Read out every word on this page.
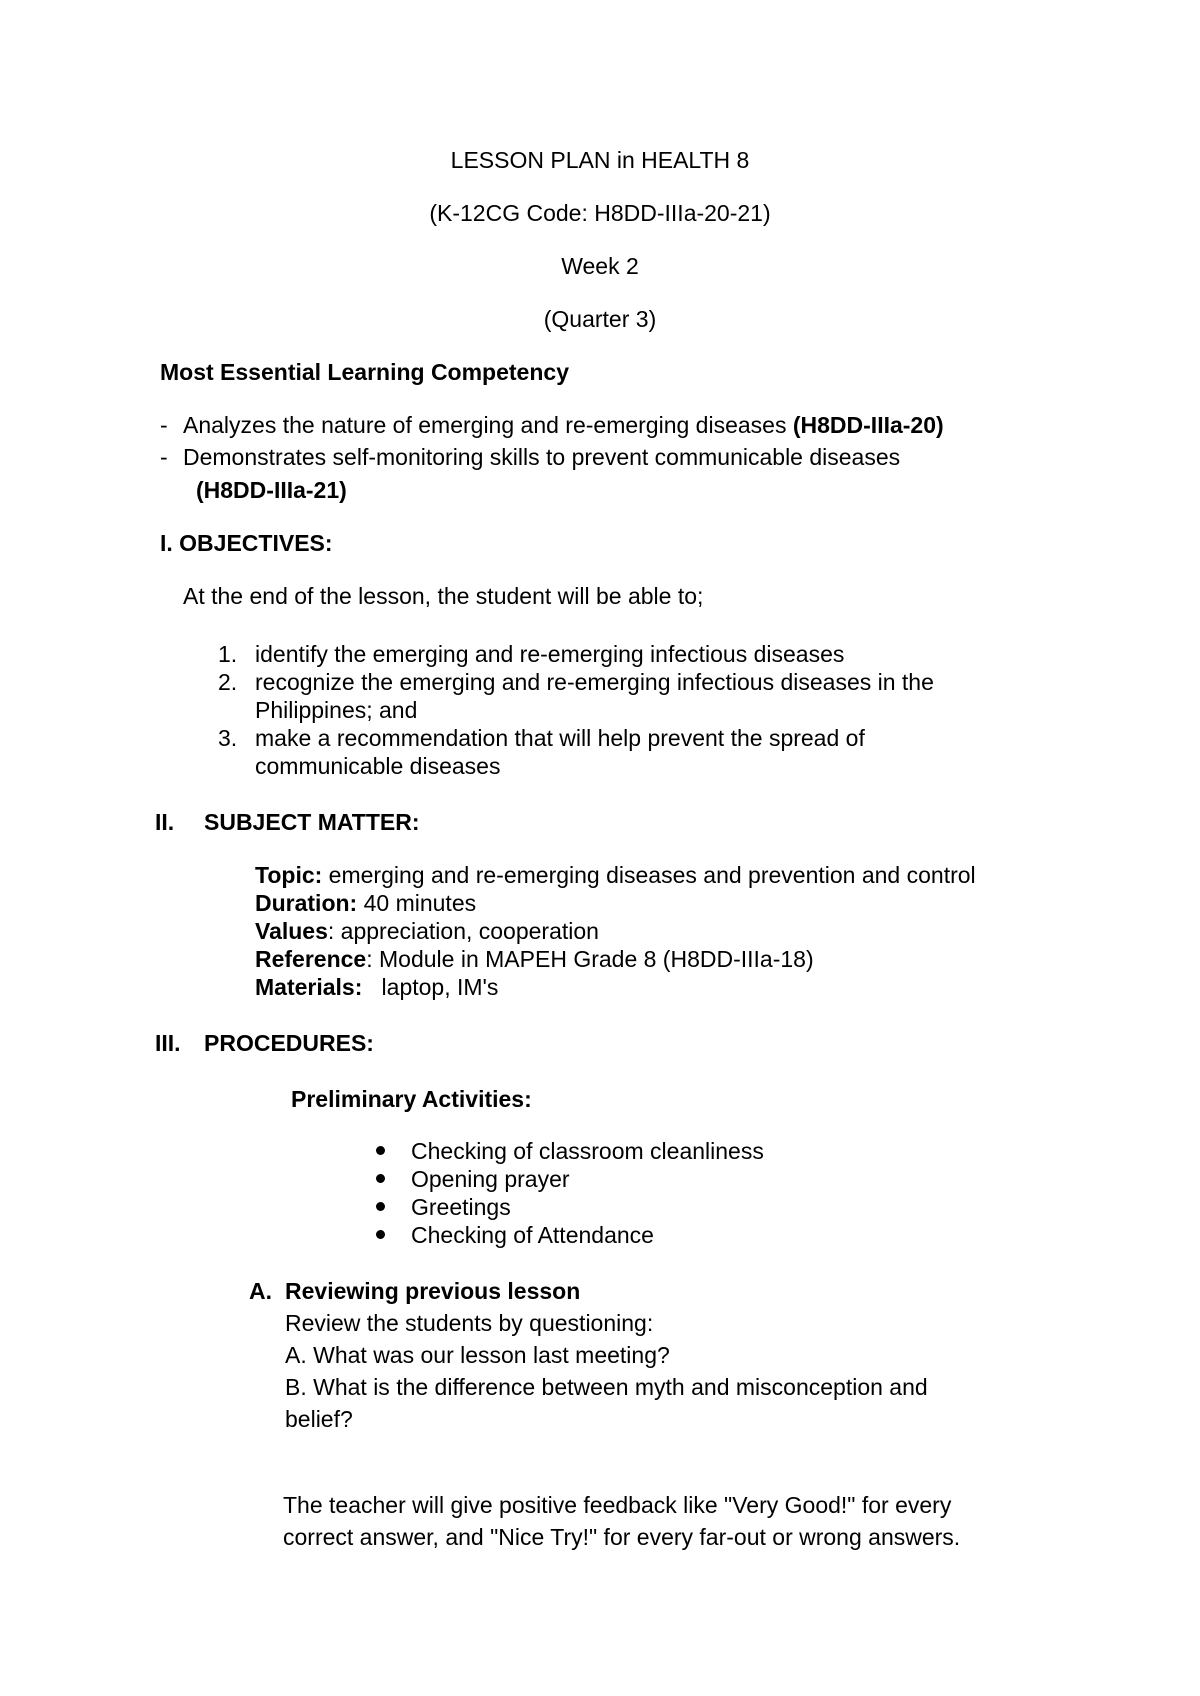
LESSON PLAN in HEALTH 8
(K-12CG Code: H8DD-IIIa-20-21)
Week 2
(Quarter 3)
Most Essential Learning Competency
- Analyzes the nature of emerging and re-emerging diseases (H8DD-IIIa-20)
- Demonstrates self-monitoring skills to prevent communicable diseases
(H8DD-IIIa-21)
I. OBJECTIVES:
At the end of the lesson, the student will be able to;
1. identify the emerging and re-emerging infectious diseases
2. recognize the emerging and re-emerging infectious diseases in the
Philippines; and
3. make a recommendation that will help prevent the spread of
communicable diseases
II. SUBJECT MATTER:
Topic: emerging and re-emerging diseases and prevention and control
Duration: 40 minutes
Values: appreciation, cooperation
Reference: Module in MAPEH Grade 8 (H8DD-IIIa-18)
Materials:   laptop, IM's
III. PROCEDURES:
Preliminary Activities:
Checking of classroom cleanliness
Opening prayer
Greetings
Checking of Attendance
A. Reviewing previous lesson
Review the students by questioning:
A. What was our lesson last meeting?
B. What is the difference between myth and misconception and
belief?
The teacher will give positive feedback like "Very Good!" for every
correct answer, and "Nice Try!" for every far-out or wrong answers.
